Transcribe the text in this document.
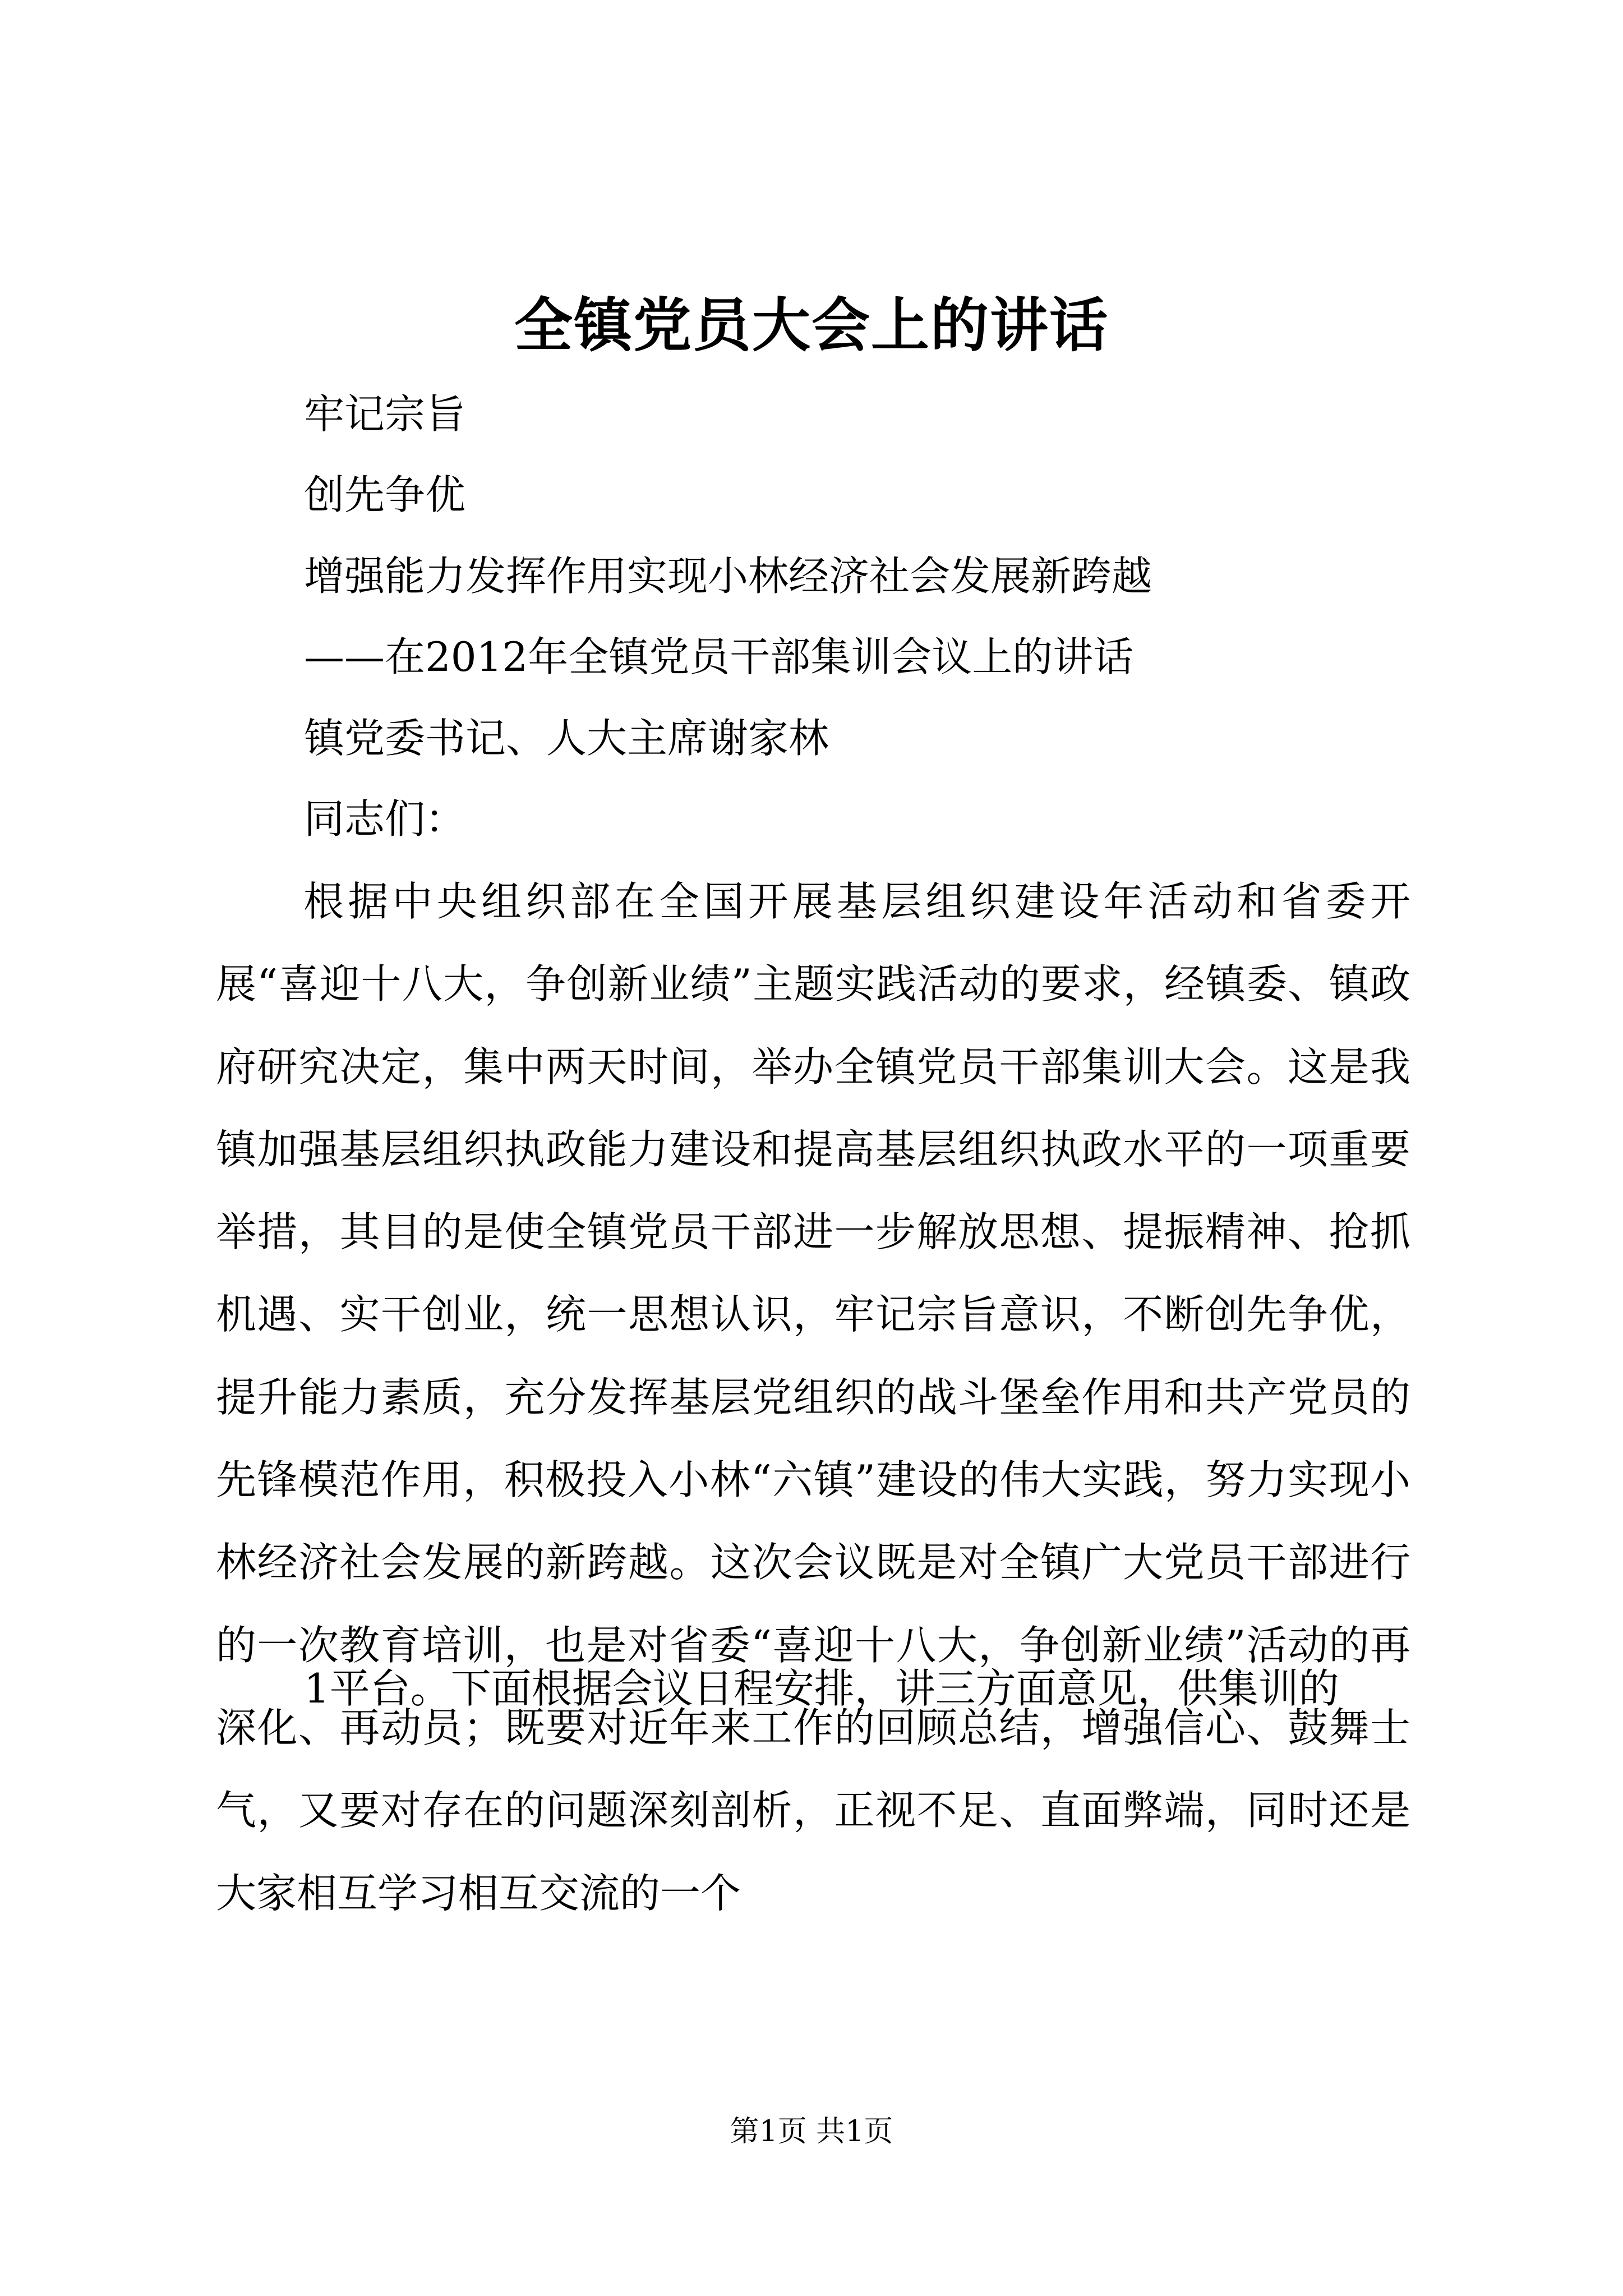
全镇党员大会上的讲话
牢记宗旨
创先争优
增强能力发挥作用实现小林经济社会发展新跨越
——在2012年全镇党员干部集训会议上的讲话
镇党委书记、人大主席谢家林
同志们：

根据中央组织部在全国开展基层组织建设年活动和省委开展“喜迎十八大，争创新业绩”主题实践活动的要求，经镇委、镇政府研究决定，集中两天时间，举办全镇党员干部集训大会。这是我镇加强基层组织执政能力建设和提高基层组织执政水平的一项重要举措，其目的是使全镇党员干部进一步解放思想、提振精神、抢抓机遇、实干创业，统一思想认识，牢记宗旨意识，不断创先争优，提升能力素质，充分发挥基层党组织的战斗堡垒作用和共产党员的先锋模范作用，积极投入小林“六镇”建设的伟大实践，努力实现小林经济社会发展的新跨越。这次会议既是对全镇广大党员干部进行的一次教育培训，也是对省委“喜迎十八大，争创新业绩”活动的再深化、再动员；既要对近年来工作的回顾总结，增强信心、鼓舞士气，又要对存在的问题深刻剖析，正视不足、直面弊端，同时还是大家相互学习相互交流的一个

1平台。下面根据会议日程安排，讲三方面意见，供集训的

第1页 共1页
